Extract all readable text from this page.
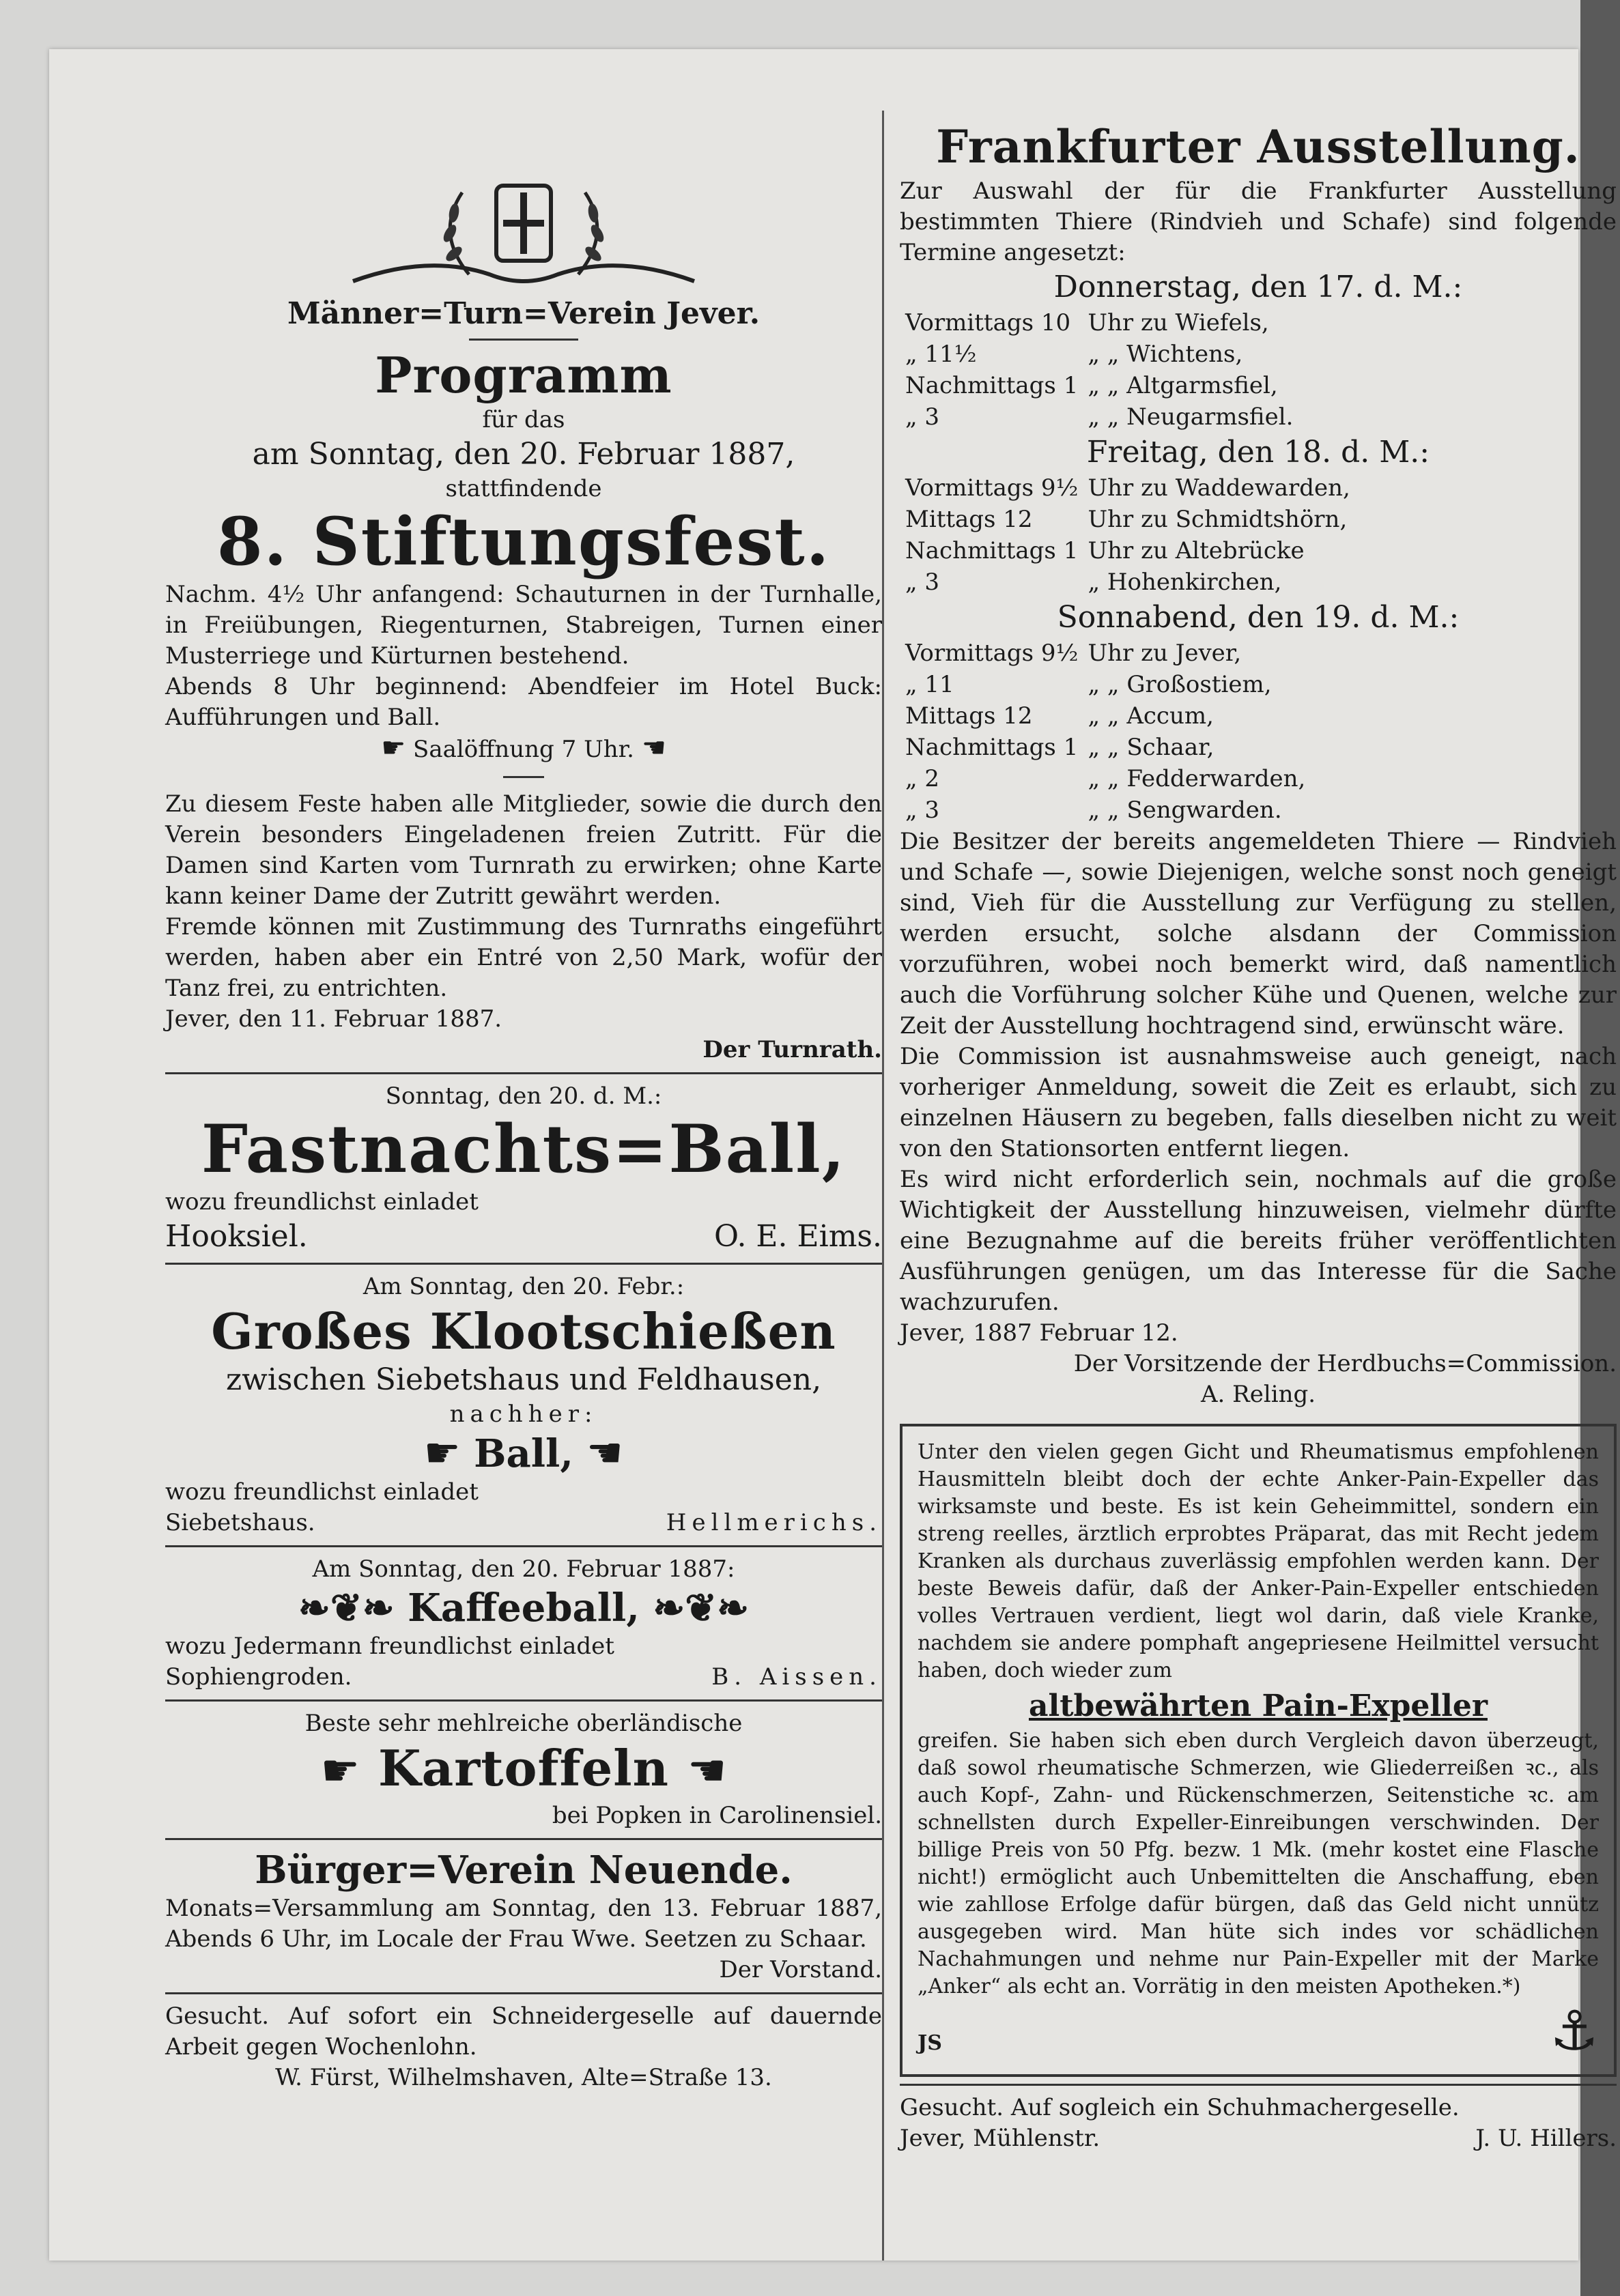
Männer=Turn=Verein Jever.

Programm

für das

am Sonntag, den 20. Februar 1887,

stattfindende

8. Stiftungsfest.

Nachm. 4½ Uhr anfangend: Schauturnen in der Turnhalle, in Freiübungen, Riegenturnen, Stabreigen, Turnen einer Musterriege und Kürturnen bestehend.

Abends 8 Uhr beginnend: Abendfeier im Hotel Buck: Aufführungen und Ball.

☛ Saalöffnung 7 Uhr. ☛

Zu diesem Feste haben alle Mitglieder, sowie die durch den Verein besonders Eingeladenen freien Zutritt. Für die Damen sind Karten vom Turnrath zu erwirken; ohne Karte kann keiner Dame der Zutritt gewährt werden.

Fremde können mit Zustimmung des Turnraths eingeführt werden, haben aber ein Entré von 2,50 Mark, wofür der Tanz frei, zu entrichten.

Jever, den 11. Februar 1887.

Der Turnrath.

Sonntag, den 20. d. M.:

Fastnachts=Ball,

wozu freundlichst einladet

Hooksiel.	O. E. Eims.

Am Sonntag, den 20. Febr.:

Großes Klootschießen

zwischen Siebetshaus und Feldhausen,

nachher:

☛ Ball, ☛

wozu freundlichst einladet

Siebetshaus.	Hellmerichs.

Am Sonntag, den 20. Februar 1887:

❧❦❧ Kaffeeball, ❧❦❧

wozu Jedermann freundlichst einladet

Sophiengroden.	B. Aissen.

Beste sehr mehlreiche oberländische

☛ Kartoffeln ☛

bei Popken in Carolinensiel.

Bürger=Verein Neuende.

Monats=Versammlung am Sonntag, den 13. Februar 1887, Abends 6 Uhr, im Locale der Frau Wwe. Seetzen zu Schaar.

Der Vorstand.

Gesucht. Auf sofort ein Schneidergeselle auf dauernde Arbeit gegen Wochenlohn.

W. Fürst, Wilhelmshaven, Alte=Straße 13.

Frankfurter Ausstellung.

Zur Auswahl der für die Frankfurter Ausstellung bestimmten Thiere (Rindvieh und Schafe) sind folgende Termine angesetzt:

Donnerstag, den 17. d. M.:

Vormittags 10	Uhr zu Wiefels,
„ 11½	„ „ Wichtens,
Nachmittags 1	„ „ Altgarmsfiel,
„ 3	„ „ Neugarmsfiel.

Freitag, den 18. d. M.:

Vormittags 9½	Uhr zu Waddewarden,
Mittags 12	Uhr zu Schmidtshörn,
Nachmittags 1	Uhr zu Altebrücke
„ 3	„ Hohenkirchen,

Sonnabend, den 19. d. M.:

Vormittags 9½	Uhr zu Jever,
„ 11	„ „ Großostiem,
Mittags 12	„ „ Accum,
Nachmittags 1	„ „ Schaar,
„ 2	„ „ Fedderwarden,
„ 3	„ „ Sengwarden.

Die Besitzer der bereits angemeldeten Thiere — Rindvieh und Schafe —, sowie Diejenigen, welche sonst noch geneigt sind, Vieh für die Ausstellung zur Verfügung zu stellen, werden ersucht, solche alsdann der Commission vorzuführen, wobei noch bemerkt wird, daß namentlich auch die Vorführung solcher Kühe und Quenen, welche zur Zeit der Ausstellung hochtragend sind, erwünscht wäre.

Die Commission ist ausnahmsweise auch geneigt, nach vorheriger Anmeldung, soweit die Zeit es erlaubt, sich zu einzelnen Häusern zu begeben, falls dieselben nicht zu weit von den Stationsorten entfernt liegen.

Es wird nicht erforderlich sein, nochmals auf die große Wichtigkeit der Ausstellung hinzuweisen, vielmehr dürfte eine Bezugnahme auf die bereits früher veröffentlichten Ausführungen genügen, um das Interesse für die Sache wachzurufen.

Jever, 1887 Februar 12.

Der Vorsitzende der Herdbuchs=Commission.

A. Reling.

Unter den vielen gegen Gicht und Rheumatismus empfohlenen Hausmitteln bleibt doch der echte Anker-Pain-Expeller das wirksamste und beste. Es ist kein Geheimmittel, sondern ein streng reelles, ärztlich erprobtes Präparat, das mit Recht jedem Kranken als durchaus zuverlässig empfohlen werden kann. Der beste Beweis dafür, daß der Anker-Pain-Expeller entschieden volles Vertrauen verdient, liegt wol darin, daß viele Kranke, nachdem sie andere pomphaft angepriesene Heilmittel versucht haben, doch wieder zum

altbewährten Pain-Expeller

greifen. Sie haben sich eben durch Vergleich davon überzeugt, daß sowol rheumatische Schmerzen, wie Gliederreißen ꝛc., als auch Kopf-, Zahn- und Rückenschmerzen, Seitenstiche ꝛc. am schnellsten durch Expeller-Einreibungen verschwinden. Der billige Preis von 50 Pfg. bezw. 1 Mk. (mehr kostet eine Flasche nicht!) ermöglicht auch Unbemittelten die Anschaffung, eben wie zahllose Erfolge dafür bürgen, daß das Geld nicht unnütz ausgegeben wird. Man hüte sich indes vor schädlichen Nachahmungen und nehme nur Pain-Expeller mit der Marke „Anker“ als echt an. Vorrätig in den meisten Apotheken.*)

JS	⚓

Gesucht. Auf sogleich ein Schuhmachergeselle.

Jever, Mühlenstr.	J. U. Hillers.
